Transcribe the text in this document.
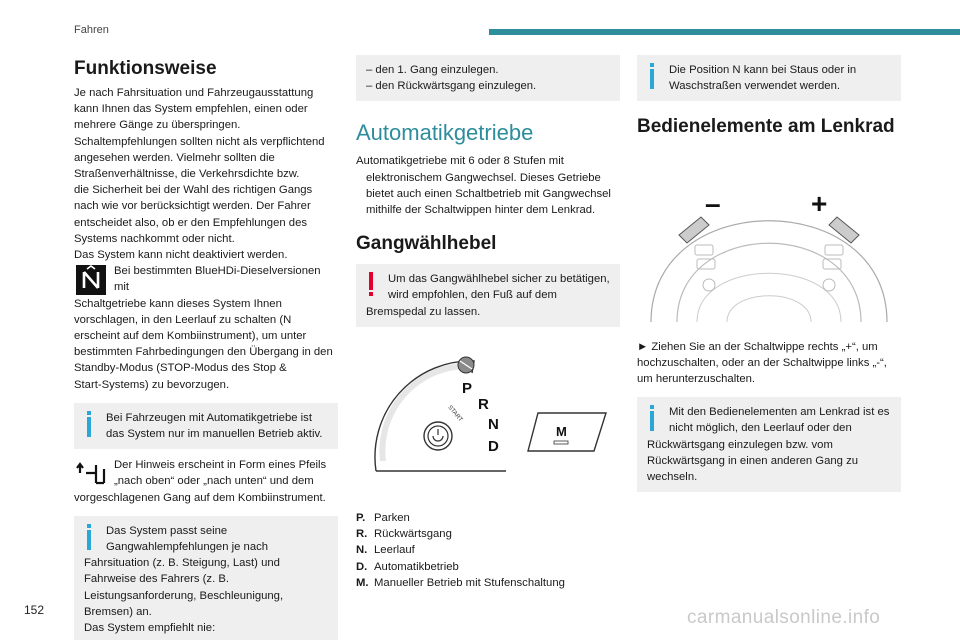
Fahren
Funktionsweise

Je nach Fahrsituation und Fahrzeugausstattung

kann Ihnen das System empfehlen, einen oder

mehrere Gänge zu überspringen.

Schaltempfehlungen sollten nicht als verpflichtend

angesehen werden. Vielmehr sollten die

Straßenverhältnisse, die Verkehrsdichte bzw.

die Sicherheit bei der Wahl des richtigen Gangs

nach wie vor berücksichtigt werden. Der Fahrer

entscheidet also, ob er den Empfehlungen des

Systems nachkommt oder nicht.

Das System kann nicht deaktiviert werden.

Bei bestimmten BlueHDi-Dieselversionen mit

Schaltgetriebe kann dieses System Ihnen

vorschlagen, in den Leerlauf zu schalten (N

erscheint auf dem Kombiinstrument), um unter

bestimmten Fahrbedingungen den Übergang in den

Standby-Modus (STOP-Modus des Stop &

Start-Systems) zu bevorzugen.

Bei Fahrzeugen mit Automatikgetriebe ist

das System nur im manuellen Betrieb aktiv.

Der Hinweis erscheint in Form eines Pfeils

„nach oben“ oder „nach unten“ und dem

vorgeschlagenen Gang auf dem Kombiinstrument.

Das System passt seine

Gangwahlempfehlungen je nach

Fahrsituation (z. B. Steigung, Last) und

Fahrweise des Fahrers (z. B.

Leistungsanforderung, Beschleunigung,

Bremsen) an.

Das System empfiehlt nie:

– den 1. Gang einzulegen.

– den Rückwärtsgang einzulegen.

Automatikgetriebe

Automatikgetriebe mit 6 oder 8 Stufen mit

elektronischem Gangwechsel. Dieses Getriebe

bietet auch einen Schaltbetrieb mit Gangwechsel

mithilfe der Schaltwippen hinter dem Lenkrad.

Gangwählhebel

Um das Gangwählhebel sicher zu betätigen,

wird empfohlen, den Fuß auf dem

Bremspedal zu lassen.

P
R
N
D
START
M
P. Parken
R. Rückwärtsgang
N. Leerlauf
D. Automatikbetrieb
M. Manueller Betrieb mit Stufenschaltung

Die Position N kann bei Staus oder in

Waschstraßen verwendet werden.

Bedienelemente am Lenkrad
–	+

► Ziehen Sie an der Schaltwippe rechts „+“, um

hochzuschalten, oder an der Schaltwippe links „-“,

um herunterzuschalten.

Mit den Bedienelementen am Lenkrad ist es

nicht möglich, den Leerlauf oder den

Rückwärtsgang einzulegen bzw. vom

Rückwärtsgang in einen anderen Gang zu

wechseln.

152	carmanualsonline.info
